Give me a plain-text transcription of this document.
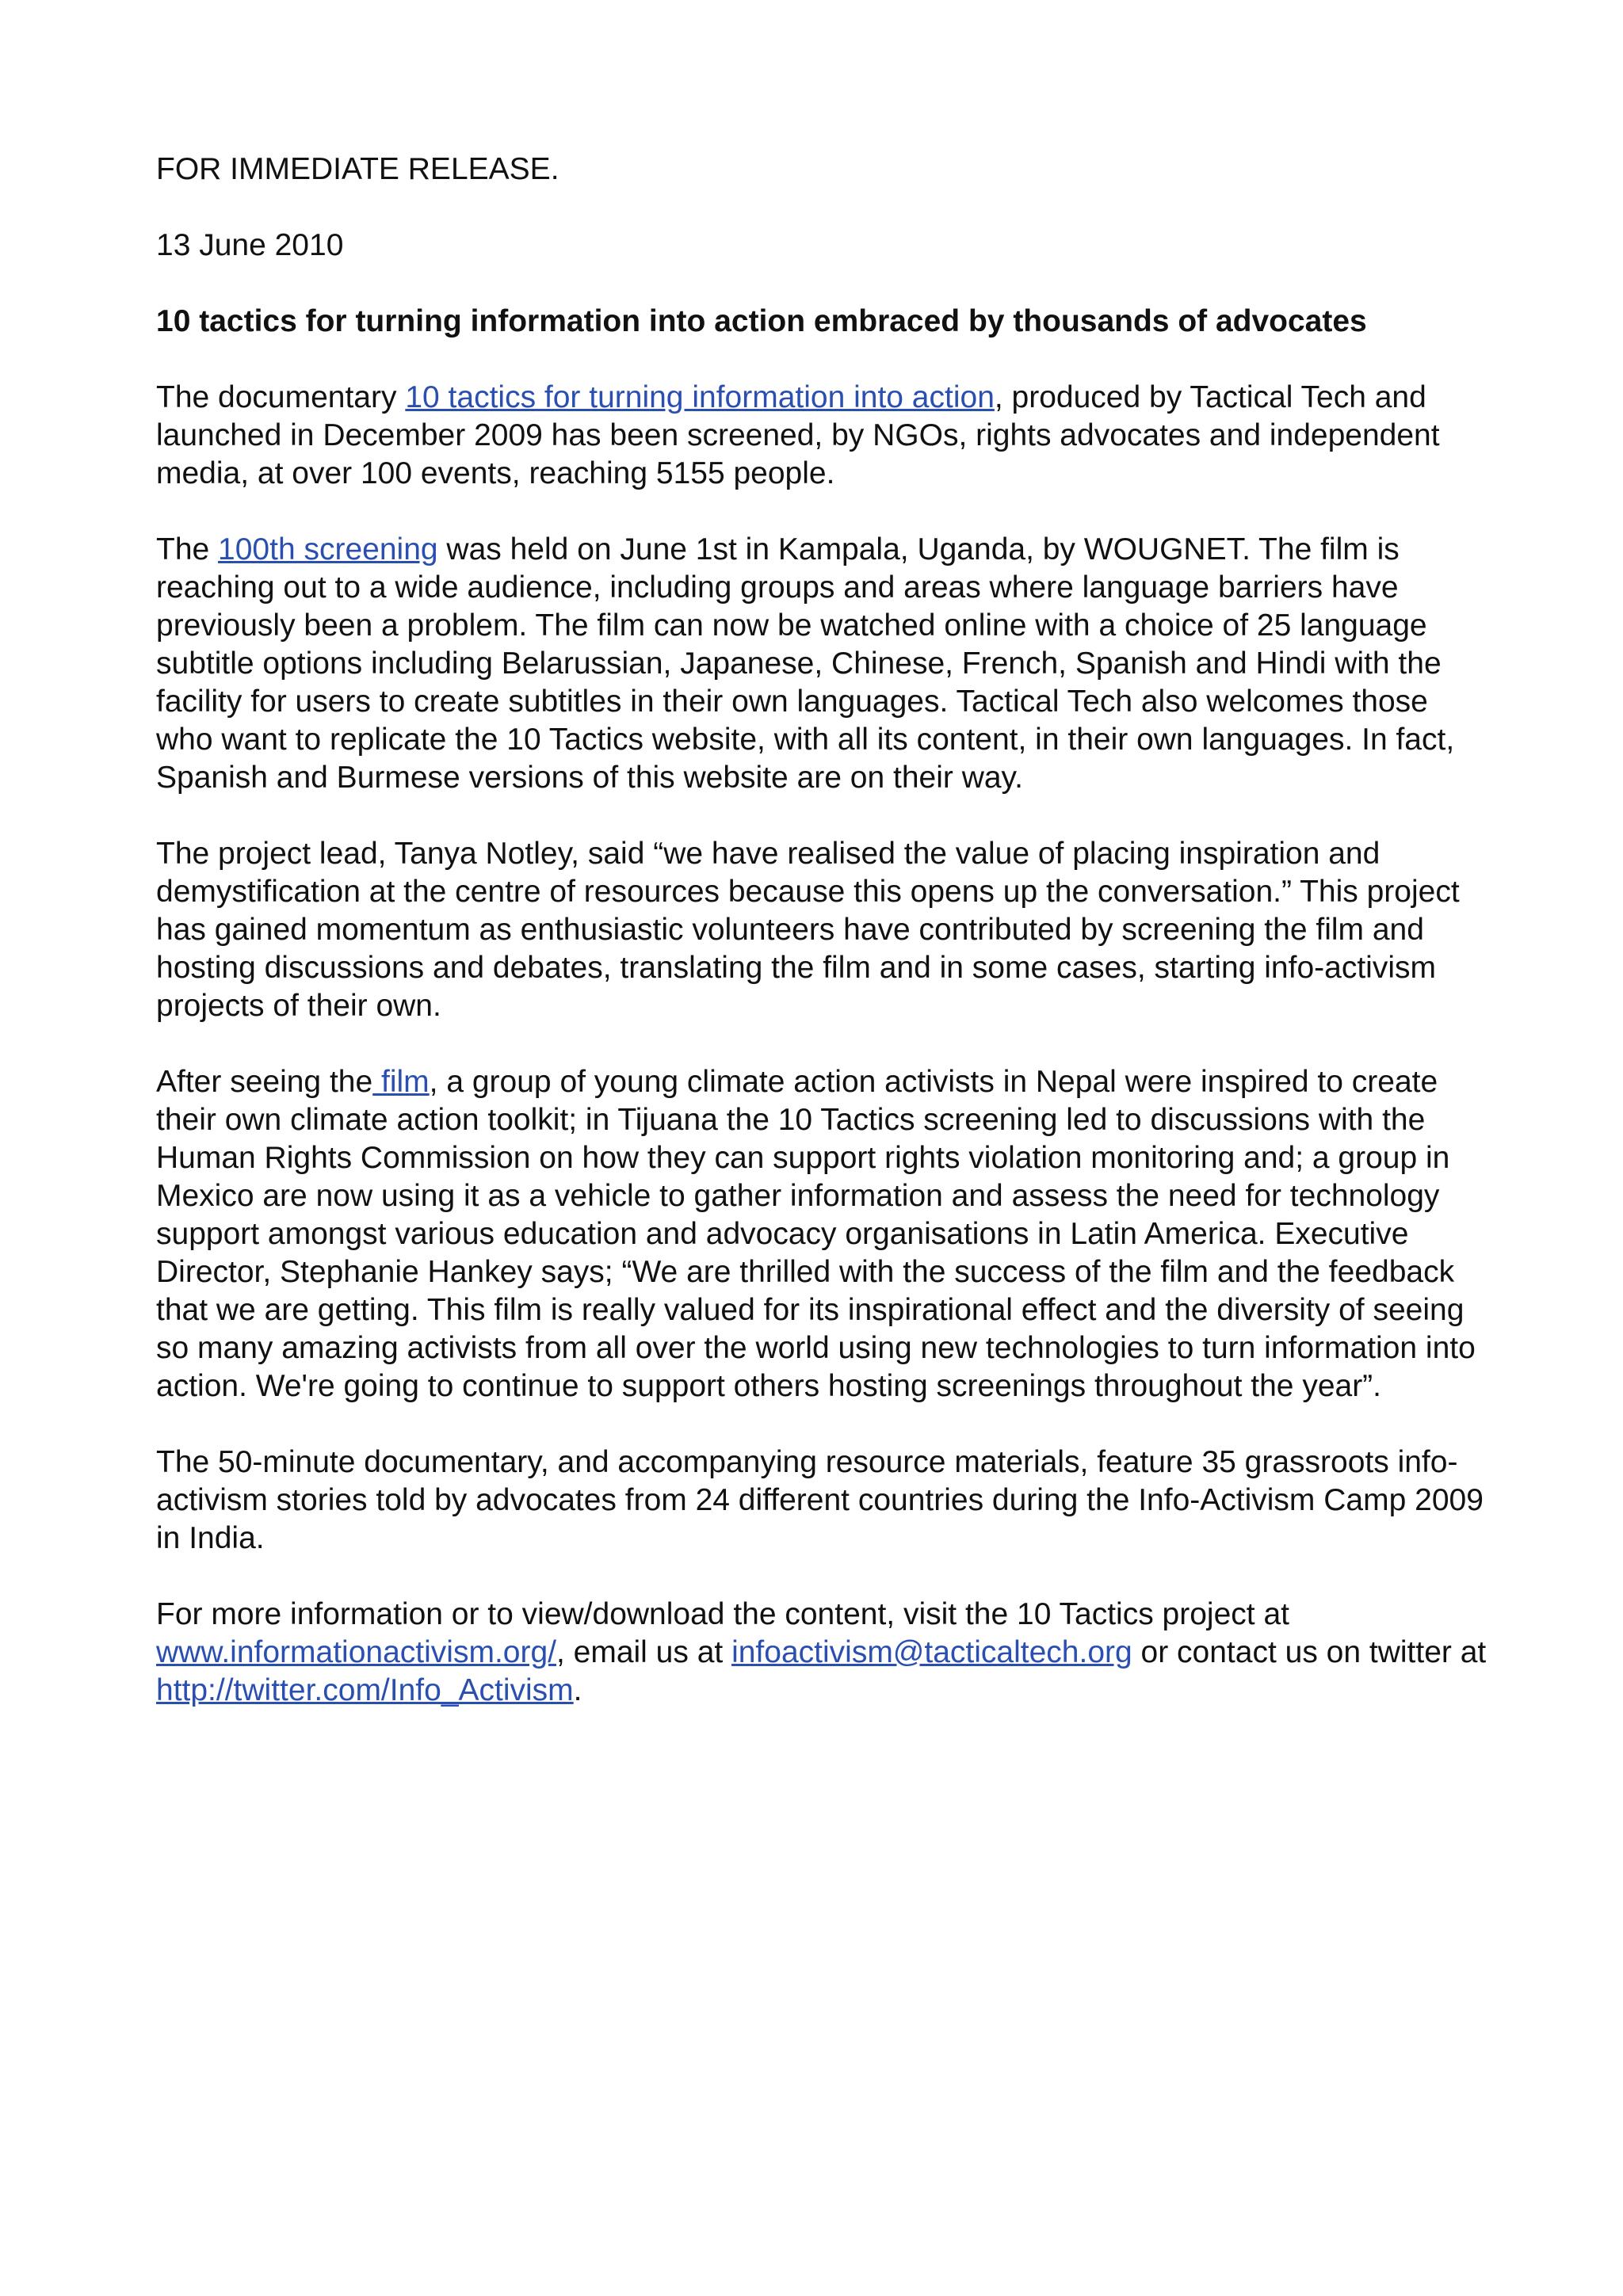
FOR IMMEDIATE RELEASE.

13 June 2010

10 tactics for turning information into action embraced by thousands of advocates

The documentary 10 tactics for turning information into action, produced by Tactical Tech and launched in December 2009 has been screened, by NGOs, rights advocates and independent media, at over 100 events, reaching 5155 people.

The 100th screening was held on June 1st in Kampala, Uganda, by WOUGNET. The film is reaching out to a wide audience, including groups and areas where language barriers have previously been a problem. The film can now be watched online with a choice of 25 language subtitle options including Belarussian, Japanese, Chinese, French, Spanish and Hindi with the facility for users to create subtitles in their own languages. Tactical Tech also welcomes those who want to replicate the 10 Tactics website, with all its content, in their own languages. In fact, Spanish and Burmese versions of this website are on their way.

The project lead, Tanya Notley, said “we have realised the value of placing inspiration and demystification at the centre of resources because this opens up the conversation.” This project has gained momentum as enthusiastic volunteers have contributed by screening the film and hosting discussions and debates, translating the film and in some cases, starting info-activism projects of their own.

After seeing the film, a group of young climate action activists in Nepal were inspired to create their own climate action toolkit; in Tijuana the 10 Tactics screening led to discussions with the Human Rights Commission on how they can support rights violation monitoring and; a group in Mexico are now using it as a vehicle to gather information and assess the need for technology support amongst various education and advocacy organisations in Latin America. Executive Director, Stephanie Hankey says; “We are thrilled with the success of the film and the feedback that we are getting. This film is really valued for its inspirational effect and the diversity of seeing so many amazing activists from all over the world using new technologies to turn information into action. We're going to continue to support others hosting screenings throughout the year”.

The 50-minute documentary, and accompanying resource materials, feature 35 grassroots info-activism stories told by advocates from 24 different countries during the Info-Activism Camp 2009 in India.

For more information or to view/download the content, visit the 10 Tactics project at www.informationactivism.org/, email us at infoactivism@tacticaltech.org or contact us on twitter at http://twitter.com/Info_Activism.
